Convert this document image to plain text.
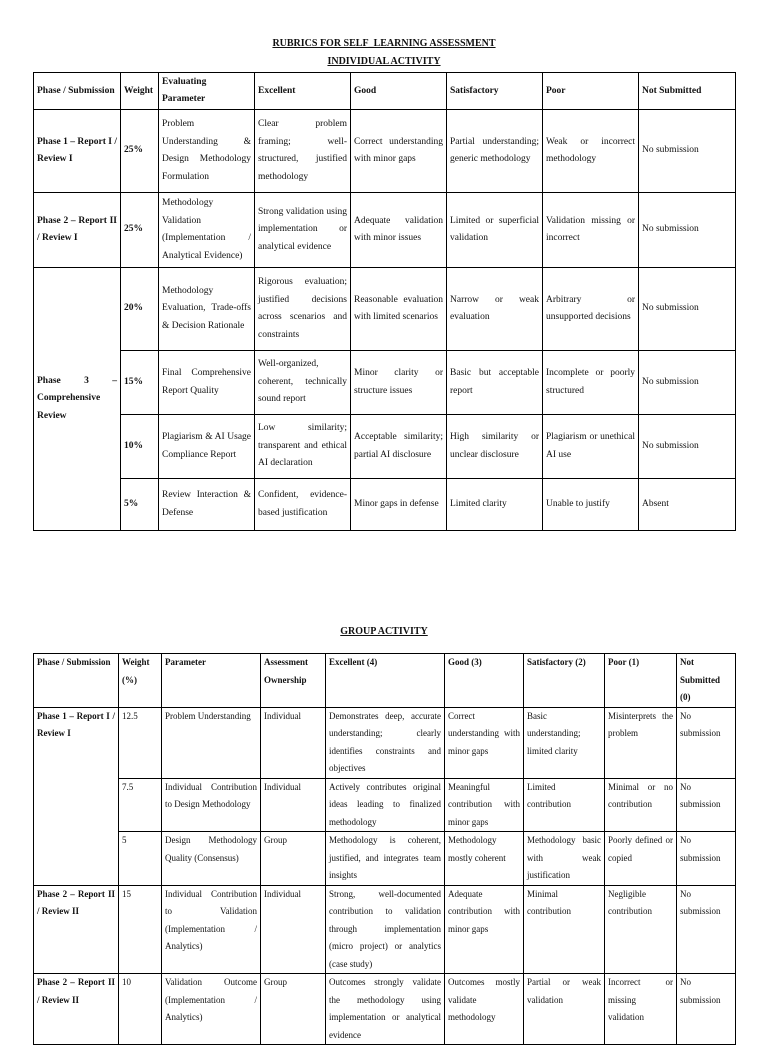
RUBRICS FOR SELF_LEARNING ASSESSMENT

INDIVIDUAL ACTIVITY

Phase / Submission	Weight	Evaluating Parameter	Excellent	Good	Satisfactory	Poor	Not Submitted
Phase 1 – Report I / Review I	25%	Problem Understanding & Design Methodology Formulation	Clear problem framing; well-structured, justified methodology	Correct understanding with minor gaps	Partial understanding; generic methodology	Weak or incorrect methodology	No submission
Phase 2 – Report II / Review I	25%	Methodology Validation (Implementation / Analytical Evidence)	Strong validation using implementation or analytical evidence	Adequate validation with minor issues	Limited or superficial validation	Validation missing or incorrect	No submission
Phase 3 – Comprehensive Review	20%	Methodology Evaluation, Trade-offs & Decision Rationale	Rigorous evaluation; justified decisions across scenarios and constraints	Reasonable evaluation with limited scenarios	Narrow or weak evaluation	Arbitrary or unsupported decisions	No submission
	15%	Final Comprehensive Report Quality	Well-organized, coherent, technically sound report	Minor clarity or structure issues	Basic but acceptable report	Incomplete or poorly structured	No submission
	10%	Plagiarism & AI Usage Compliance Report	Low similarity; transparent and ethical AI declaration	Acceptable similarity; partial AI disclosure	High similarity or unclear disclosure	Plagiarism or unethical AI use	No submission
	5%	Review Interaction & Defense	Confident, evidence-based justification	Minor gaps in defense	Limited clarity	Unable to justify	Absent

GROUP ACTIVITY

Phase / Submission	Weight (%)	Parameter	Assessment Ownership	Excellent (4)	Good (3)	Satisfactory (2)	Poor (1)	Not Submitted (0)
Phase 1 – Report I / Review I	12.5	Problem Understanding	Individual	Demonstrates deep, accurate understanding; clearly identifies constraints and objectives	Correct understanding with minor gaps	Basic understanding; limited clarity	Misinterprets the problem	No submission
	7.5	Individual Contribution to Design Methodology	Individual	Actively contributes original ideas leading to finalized methodology	Meaningful contribution with minor gaps	Limited contribution	Minimal or no contribution	No submission
	5	Design Methodology Quality (Consensus)	Group	Methodology is coherent, justified, and integrates team insights	Methodology mostly coherent	Methodology basic with weak justification	Poorly defined or copied	No submission
Phase 2 – Report II / Review II	15	Individual Contribution to Validation (Implementation / Analytics)	Individual	Strong, well-documented contribution to validation through implementation (micro project) or analytics (case study)	Adequate contribution with minor gaps	Minimal contribution	Negligible contribution	No submission
Phase 2 – Report II / Review II	10	Validation Outcome (Implementation / Analytics)	Group	Outcomes strongly validate the methodology using implementation or analytical evidence	Outcomes mostly validate methodology	Partial or weak validation	Incorrect or missing validation	No submission
